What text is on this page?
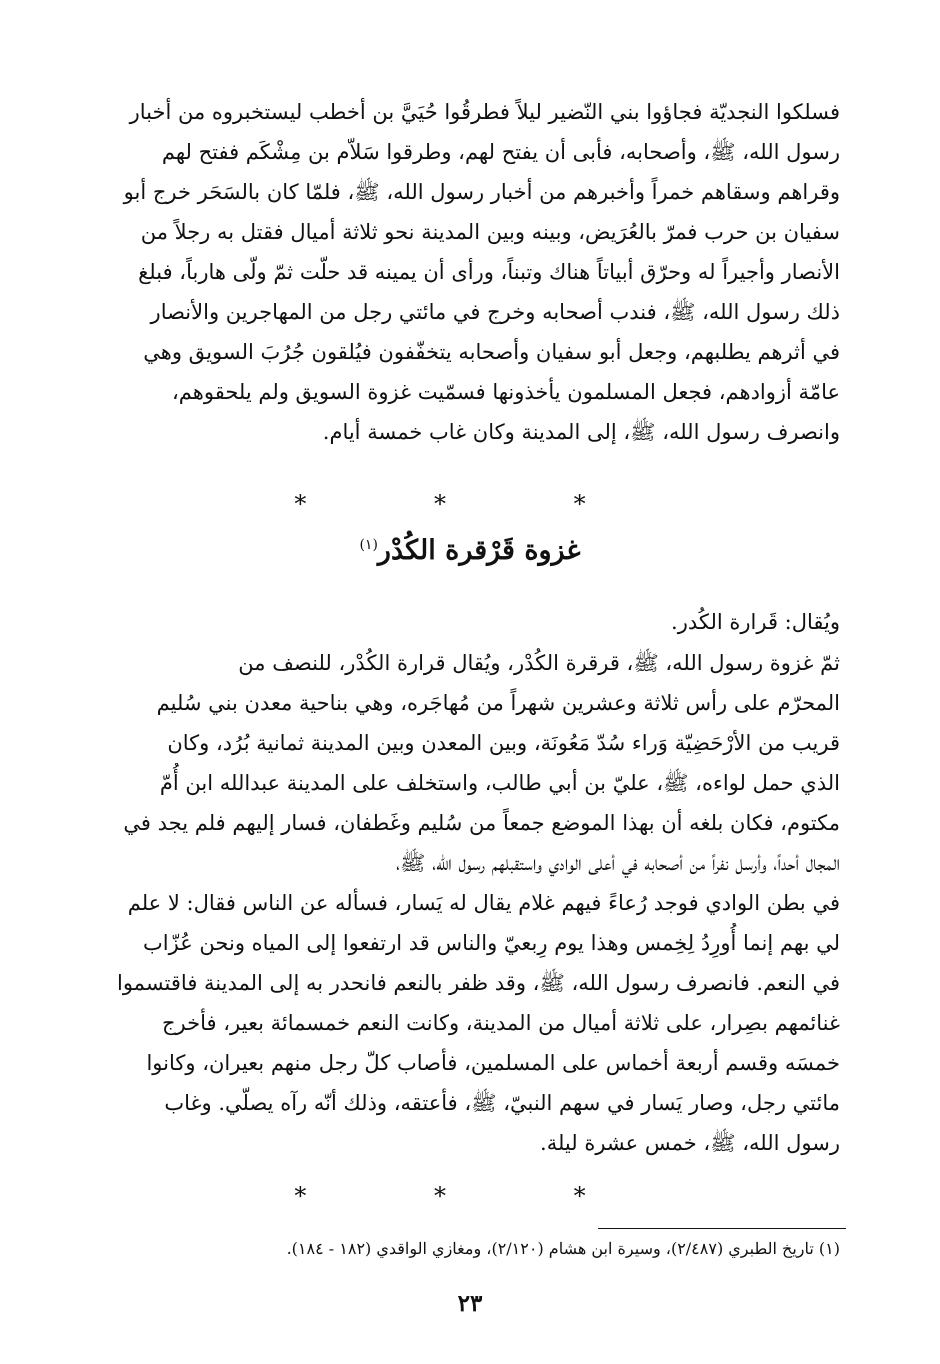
فسلكوا النجديّة فجاؤوا بني النّضير ليلاً فطرقُوا حُيَيَّ بن أخطب ليستخبروه من أخبار
رسول الله، ﷺ، وأصحابه، فأبى أن يفتح لهم، وطرقوا سَلاّم بن مِشْكَم ففتح لهم
وقراهم وسقاهم خمراً وأخبرهم من أخبار رسول الله، ﷺ، فلمّا كان بالسَحَر خرج أبو
سفيان بن حرب فمرّ بالعُرَيض، وبينه وبين المدينة نحو ثلاثة أميال فقتل به رجلاً من
الأنصار وأجيراً له وحرّق أبياتاً هناك وتبناً، ورأى أن يمينه قد حلّت ثمّ ولّى هارباً، فبلغ
ذلك رسول الله، ﷺ، فندب أصحابه وخرج في مائتي رجل من المهاجرين والأنصار
في أثرهم يطلبهم، وجعل أبو سفيان وأصحابه يتخفّفون فيُلقون جُرُبَ السويق وهي
عامّة أزوادهم، فجعل المسلمون يأخذونها فسمّيت غزوة السويق ولم يلحقوهم،
وانصرف رسول الله، ﷺ، إلى المدينة وكان غاب خمسة أيام.
* * *
غزوة قَرْقرة الكُدْر$^{(١)}$
ويُقال: قَرارة الكُدر.
ثمّ غزوة رسول الله، ﷺ، قرقرة الكُدْر، ويُقال قرارة الكُدْر، للنصف من
المحرّم على رأس ثلاثة وعشرين شهراً من مُهاجَره، وهي بناحية معدن بني سُليم
قريب من الأرْحَضِيّة وَراء سُدّ مَعُونَة، وبين المعدن وبين المدينة ثمانية بُرُد، وكان
الذي حمل لواءه، ﷺ، عليّ بن أبي طالب، واستخلف على المدينة عبدالله ابن أُمّ
مكتوم، فكان بلغه أن بهذا الموضع جمعاً من سُليم وغَطفان، فسار إليهم فلم يجد في
المجال أحداً، وأرسل نفراً من أصحابه في أعلى الوادي واستقبلهم رسول الله، ﷺ،
في بطن الوادي فوجد رُعاءً فيهم غلام يقال له يَسار، فسأله عن الناس فقال: لا علم
لي بهم إنما أُورِدُ لِخِمس وهذا يوم رِبعيّ والناس قد ارتفعوا إلى المياه ونحن عُزّاب
في النعم. فانصرف رسول الله، ﷺ، وقد ظفر بالنعم فانحدر به إلى المدينة فاقتسموا
غنائمهم بصِرار، على ثلاثة أميال من المدينة، وكانت النعم خمسمائة بعير، فأخرج
خمسَه وقسم أربعة أخماس على المسلمين، فأصاب كلّ رجل منهم بعيران، وكانوا
مائتي رجل، وصار يَسار في سهم النبيّ، ﷺ، فأعتقه، وذلك أنّه رآه يصلّي. وغاب
رسول الله، ﷺ، خمس عشرة ليلة.
* * *
(١) تاريخ الطبري (٢/٤٨٧)، وسيرة ابن هشام (٢/١٢٠)، ومغازي الواقدي (١٨٢ - ١٨٤).
٢٣
